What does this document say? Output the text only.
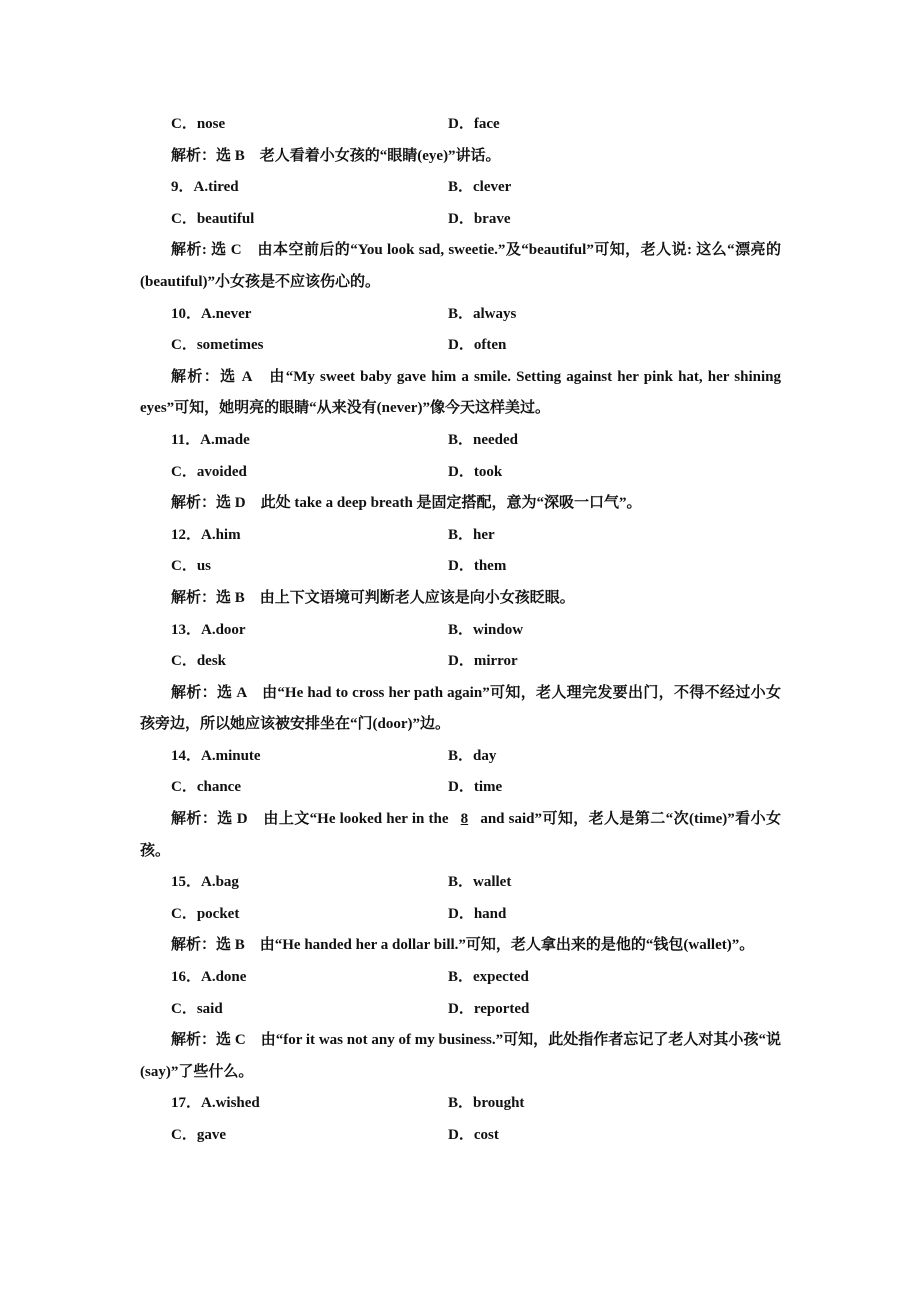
C．nose	D．face
解析：选 B　老人看着小女孩的“眼睛(eye)”讲话。
9．A.tired	B．clever
C．beautiful	D．brave
解析: 选 C　由本空前后的“You look sad, sweetie.”及“beautiful”可知，老人说: 这么“漂亮的(beautiful)”小女孩是不应该伤心的。
10．A.never	B．always
C．sometimes	D．often
解析：选 A　由“My sweet baby gave him a smile. Setting against her pink hat, her shining eyes”可知，她明亮的眼睛“从来没有(never)”像今天这样美过。
11．A.made	B．needed
C．avoided	D．took
解析：选 D　此处 take a deep breath 是固定搭配，意为“深吸一口气”。
12．A.him	B．her
C．us	D．them
解析：选 B　由上下文语境可判断老人应该是向小女孩眨眼。
13．A.door	B．window
C．desk	D．mirror
解析：选 A　由“He had to cross her path again”可知，老人理完发要出门，不得不经过小女孩旁边，所以她应该被安排坐在“门(door)”边。
14．A.minute	B．day
C．chance	D．time
解析：选 D　由上文“He looked her in the 8 and said”可知，老人是第二“次(time)”看小女孩。
15．A.bag	B．wallet
C．pocket	D．hand
解析：选 B　由“He handed her a dollar bill.”可知，老人拿出来的是他的“钱包(wallet)”。
16．A.done	B．expected
C．said	D．reported
解析：选 C　由“for it was not any of my business.”可知，此处指作者忘记了老人对其小孩“说(say)”了些什么。
17．A.wished	B．brought
C．gave	D．cost
